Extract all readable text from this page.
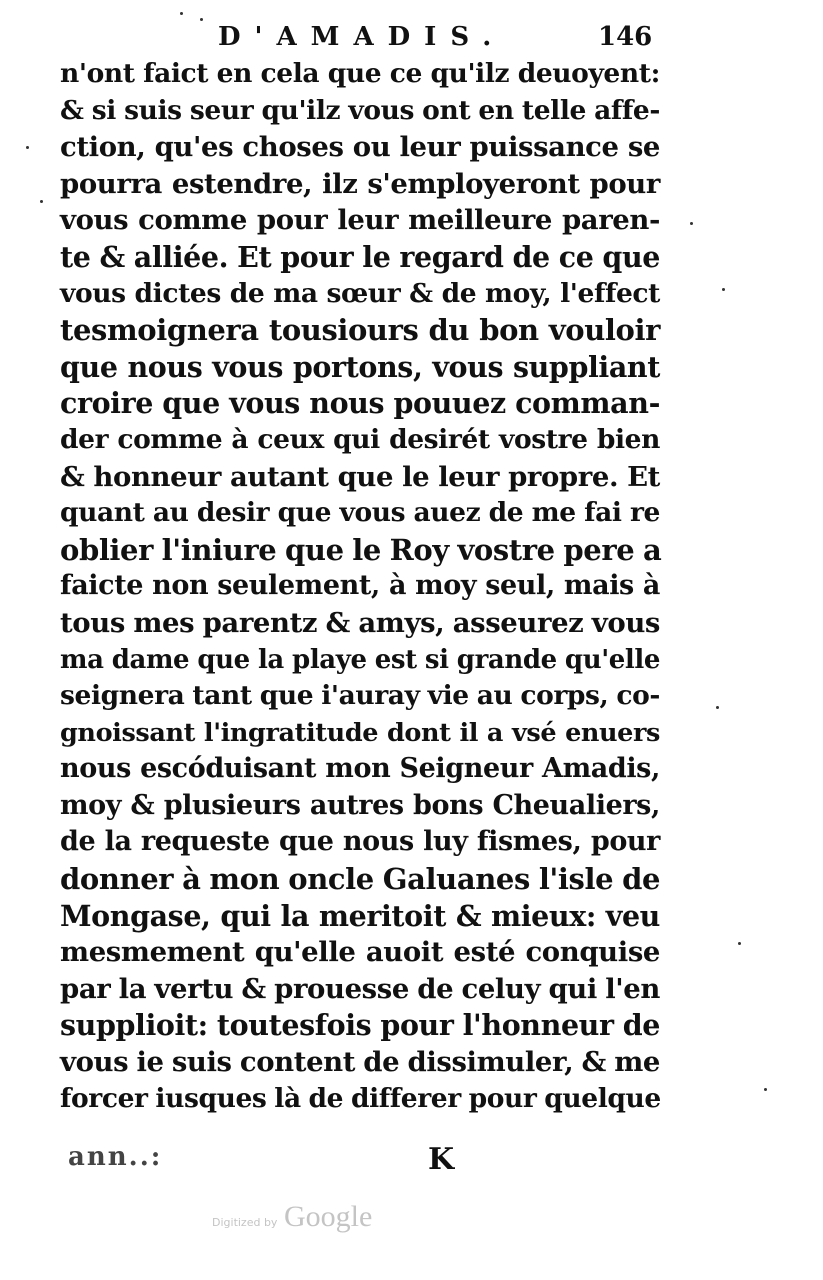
D'AMADIS.	146
n'ont faict en cela que ce qu'ilz deuoyent:
& si suis seur qu'ilz vous ont en telle affe-
ction, qu'es choses ou leur puissance se
pourra estendre, ilz s'employeront pour
vous comme pour leur meilleure paren-
te & alliée. Et pour le regard de ce que
vous dictes de ma sœur & de moy, l'effect
tesmoignera tousiours du bon vouloir
que nous vous portons, vous suppliant
croire que vous nous pouuez comman-
der comme à ceux qui desirét vostre bien
& honneur autant que le leur propre. Et
quant au desir que vous auez de me fai re
oblier l'iniure que le Roy vostre pere a
faicte non seulement, à moy seul, mais à
tous mes parentz & amys, asseurez vous
ma dame que la playe est si grande qu'elle
seignera tant que i'auray vie au corps, co-
gnoissant l'ingratitude dont il a vsé enuers
nous escóduisant mon Seigneur Amadis,
moy & plusieurs autres bons Cheualiers,
de la requeste que nous luy fismes, pour
donner à mon oncle Galuanes l'isle de
Mongase, qui la meritoit & mieux: veu
mesmement qu'elle auoit esté conquise
par la vertu & prouesse de celuy qui l'en
supplioit: toutesfois pour l'honneur de
vous ie suis content de dissimuler, & me
forcer iusques là de differer pour quelque
ann..:	K
Digitized by Google
